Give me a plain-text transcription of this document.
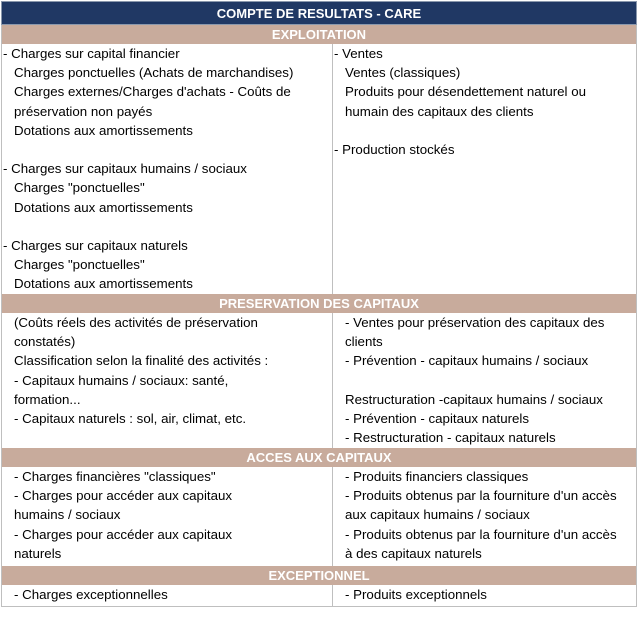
COMPTE DE RESULTATS - CARE
EXPLOITATION
- Charges sur capital financier
Charges ponctuelles (Achats de marchandises)
Charges externes/Charges d'achats - Coûts de
préservation non payés
Dotations aux amortissements

- Charges sur capitaux humains / sociaux
Charges "ponctuelles"
Dotations aux amortissements

- Charges sur capitaux naturels
Charges "ponctuelles"
Dotations aux amortissements
- Ventes
Ventes (classiques)
Produits pour désendettement naturel ou
humain des capitaux des clients

- Production stockés
PRESERVATION DES CAPITAUX
(Coûts réels des activités de préservation
constatés)
Classification selon la finalité des activités :
- Capitaux humains / sociaux: santé,
formation...
- Capitaux naturels : sol, air, climat, etc.
- Ventes pour préservation des capitaux des
clients
- Prévention - capitaux humains / sociaux

Restructuration -capitaux humains / sociaux
- Prévention - capitaux naturels
- Restructuration - capitaux naturels
ACCES AUX CAPITAUX
- Charges financières "classiques"
- Charges pour accéder aux capitaux
humains / sociaux
- Charges pour accéder aux capitaux
naturels
- Produits financiers classiques
- Produits obtenus par la fourniture d'un accès
aux capitaux humains / sociaux
- Produits obtenus par la fourniture d'un accès
à des capitaux naturels
EXCEPTIONNEL
- Charges exceptionnelles	- Produits exceptionnels
